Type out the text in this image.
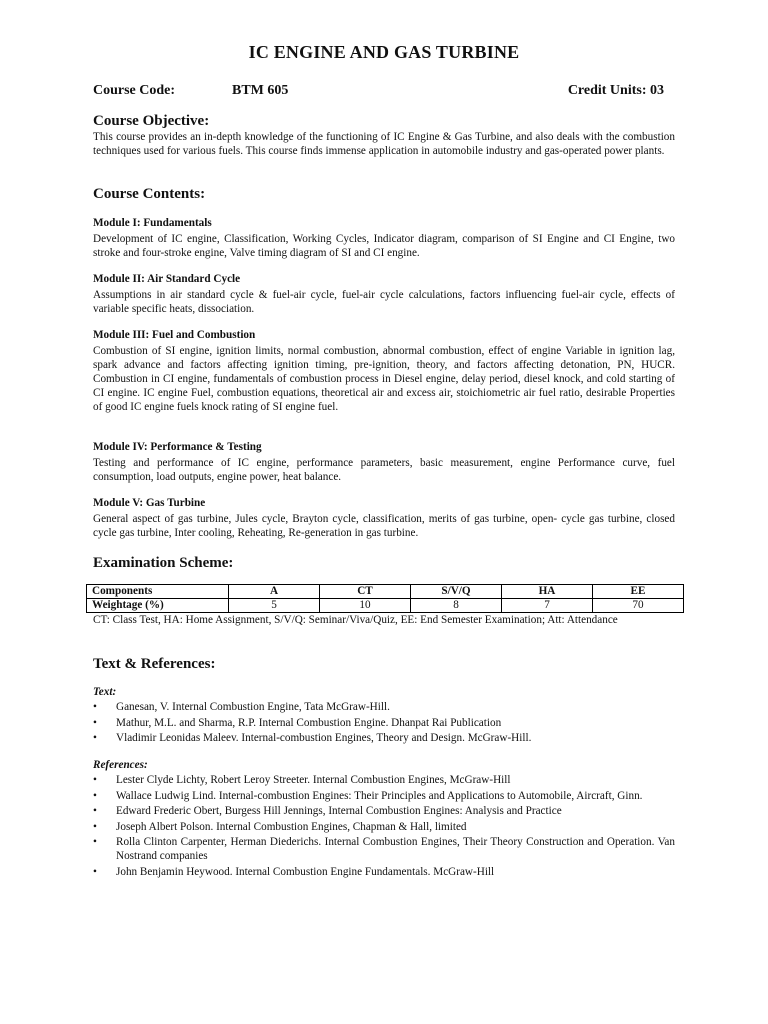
IC ENGINE AND GAS TURBINE
Course Code:	BTM 605	Credit Units: 03
Course Objective:

This course provides an in-depth knowledge of the functioning of IC Engine & Gas Turbine, and also deals with the combustion techniques used for various fuels. This course finds immense application in automobile industry and gas-operated power plants.

Course Contents:
Module I: Fundamentals

Development of IC engine, Classification, Working Cycles, Indicator diagram, comparison of SI Engine and CI Engine, two stroke and four-stroke engine, Valve timing diagram of SI and CI engine.

Module II: Air Standard Cycle

Assumptions in air standard cycle & fuel-air cycle, fuel-air cycle calculations, factors influencing fuel-air cycle, effects of variable specific heats, dissociation.

Module III: Fuel and Combustion

Combustion of SI engine, ignition limits, normal combustion, abnormal combustion, effect of engine Variable in ignition lag, spark advance and factors affecting ignition timing, pre-ignition, theory, and factors affecting detonation, PN, HUCR. Combustion in CI engine, fundamentals of combustion process in Diesel engine, delay period, diesel knock, and cold starting of CI engine. IC engine Fuel, combustion equations, theoretical air and excess air, stoichiometric air fuel ratio, desirable Properties of good IC engine fuels knock rating of SI engine fuel.

Module IV: Performance & Testing

Testing and performance of IC engine, performance parameters, basic measurement, engine Performance curve, fuel consumption, load outputs, engine power, heat balance.

Module V: Gas Turbine

General aspect of gas turbine, Jules cycle, Brayton cycle, classification, merits of gas turbine, open- cycle gas turbine, closed cycle gas turbine, Inter cooling, Reheating, Re-generation in gas turbine.

Examination Scheme:
Components	A	CT	S/V/Q	HA	EE
Weightage (%)	5	10	8	7	70

CT: Class Test, HA: Home Assignment, S/V/Q: Seminar/Viva/Quiz, EE: End Semester Examination; Att: Attendance

Text & References:
Text:
• Ganesan, V. Internal Combustion Engine, Tata McGraw-Hill.
• Mathur, M.L. and Sharma, R.P. Internal Combustion Engine. Dhanpat Rai Publication
• Vladimir Leonidas Maleev. Internal-combustion Engines, Theory and Design. McGraw-Hill.
References:
• Lester Clyde Lichty, Robert Leroy Streeter. Internal Combustion Engines, McGraw-Hill
• Wallace Ludwig Lind. Internal-combustion Engines: Their Principles and Applications to Automobile, Aircraft, Ginn.
• Edward Frederic Obert, Burgess Hill Jennings, Internal Combustion Engines: Analysis and Practice
• Joseph Albert Polson. Internal Combustion Engines, Chapman & Hall, limited
• Rolla Clinton Carpenter, Herman Diederichs. Internal Combustion Engines, Their Theory Construction and Operation. Van Nostrand companies
• John Benjamin Heywood. Internal Combustion Engine Fundamentals. McGraw-Hill
